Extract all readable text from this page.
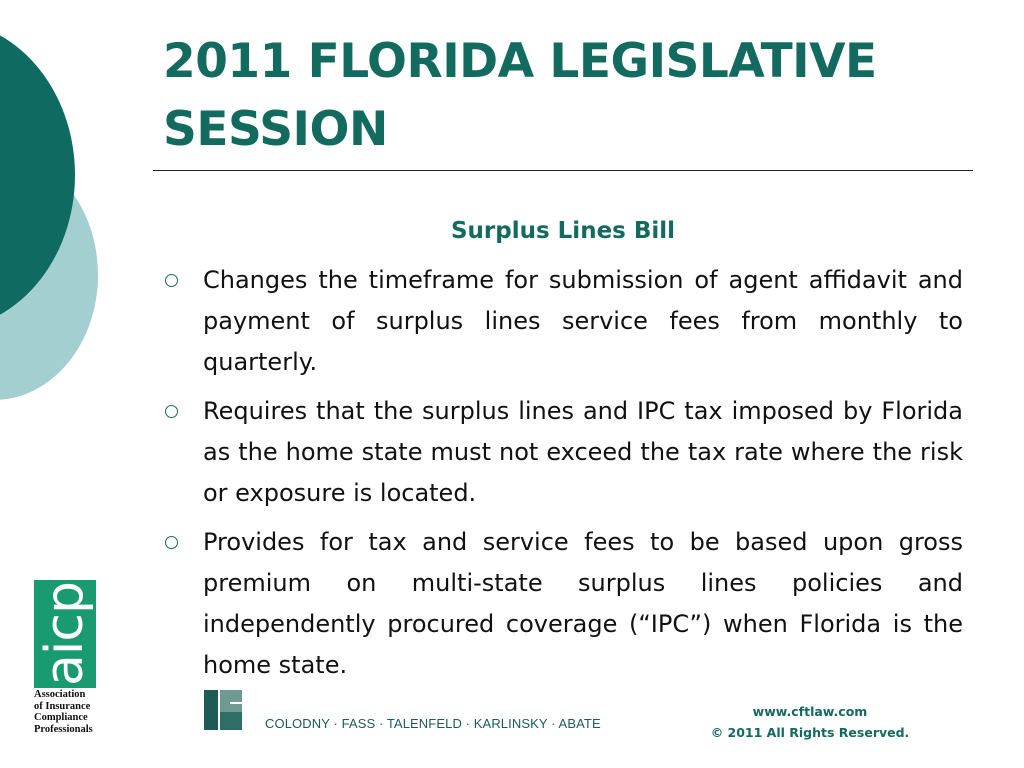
2011 FLORIDA LEGISLATIVE SESSION
Surplus Lines Bill
Changes the timeframe for submission of agent affidavit and payment of surplus lines service fees from monthly to quarterly.
Requires that the surplus lines and IPC tax imposed by Florida as the home state must not exceed the tax rate where the risk or exposure is located.
Provides for tax and service fees to be based upon gross premium on multi-state surplus lines policies and independently procured coverage (“IPC”) when Florida is the home state.
aicp
Association
of Insurance
Compliance
Professionals	COLODNY · FASS · TALENFELD · KARLINSKY · ABATE
www.cftlaw.com
© 2011 All Rights Reserved.
